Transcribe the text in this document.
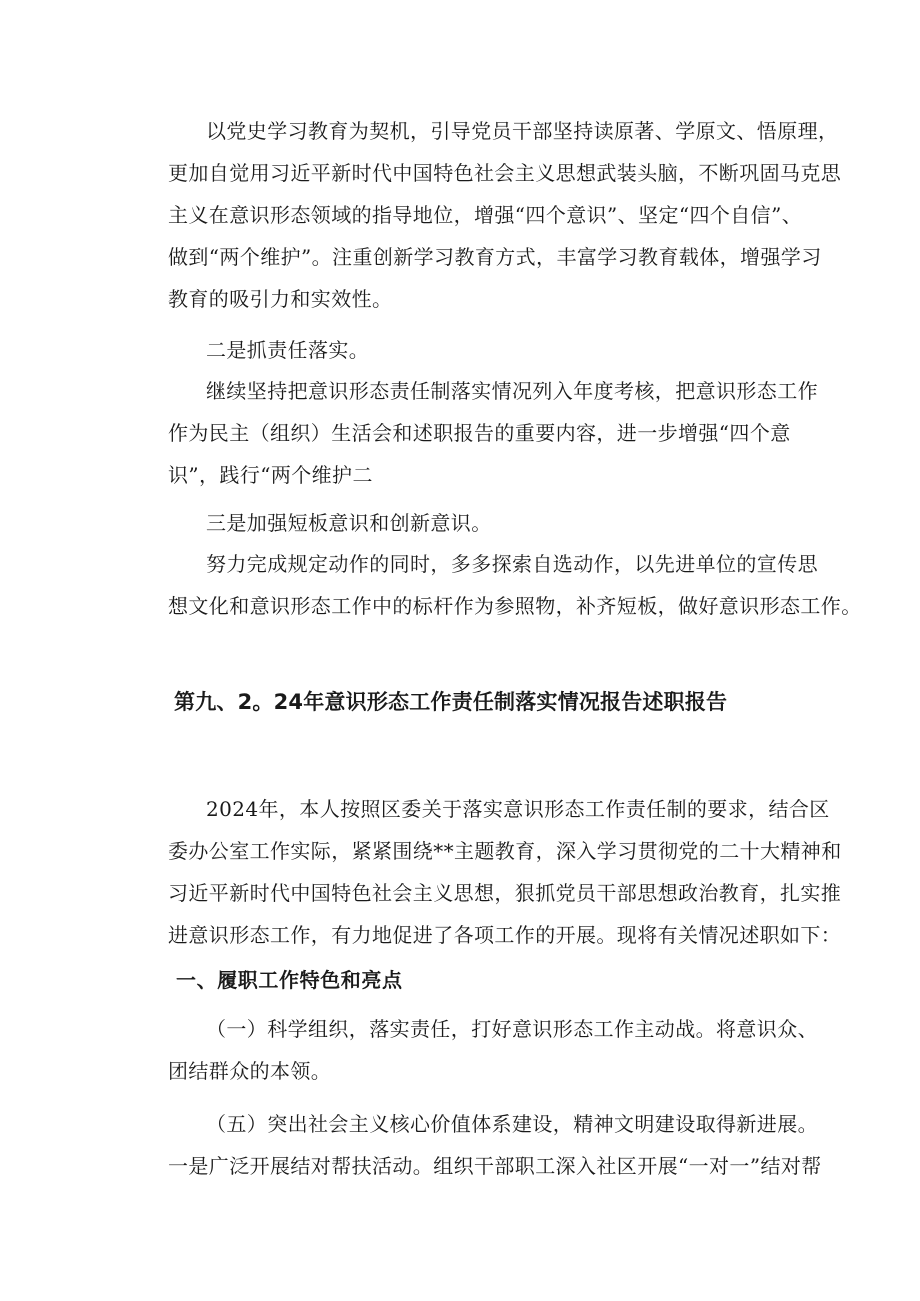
以党史学习教育为契机，引导党员干部坚持读原著、学原文、悟原理，
更加自觉用习近平新时代中国特色社会主义思想武装头脑，不断巩固马克思
主义在意识形态领域的指导地位，增强“四个意识”、坚定“四个自信”、
做到“两个维护”。注重创新学习教育方式，丰富学习教育载体，增强学习
教育的吸引力和实效性。
二是抓责任落实。
继续坚持把意识形态责任制落实情况列入年度考核，把意识形态工作
作为民主（组织）生活会和述职报告的重要内容，进一步增强“四个意
识”，践行“两个维护二
三是加强短板意识和创新意识。
努力完成规定动作的同时，多多探索自选动作，以先进单位的宣传思
想文化和意识形态工作中的标杆作为参照物，补齐短板，做好意识形态工作。
第九、2。24年意识形态工作责任制落实情况报告述职报告
2024年，本人按照区委关于落实意识形态工作责任制的要求，结合区
委办公室工作实际，紧紧围绕**主题教育，深入学习贯彻党的二十大精神和
习近平新时代中国特色社会主义思想，狠抓党员干部思想政治教育，扎实推
进意识形态工作，有力地促进了各项工作的开展。现将有关情况述职如下：
一、履职工作特色和亮点
（一）科学组织，落实责任，打好意识形态工作主动战。将意识众、
团结群众的本领。
（五）突出社会主义核心价值体系建设，精神文明建设取得新进展。
一是广泛开展结对帮扶活动。组织干部职工深入社区开展“一对一”结对帮
